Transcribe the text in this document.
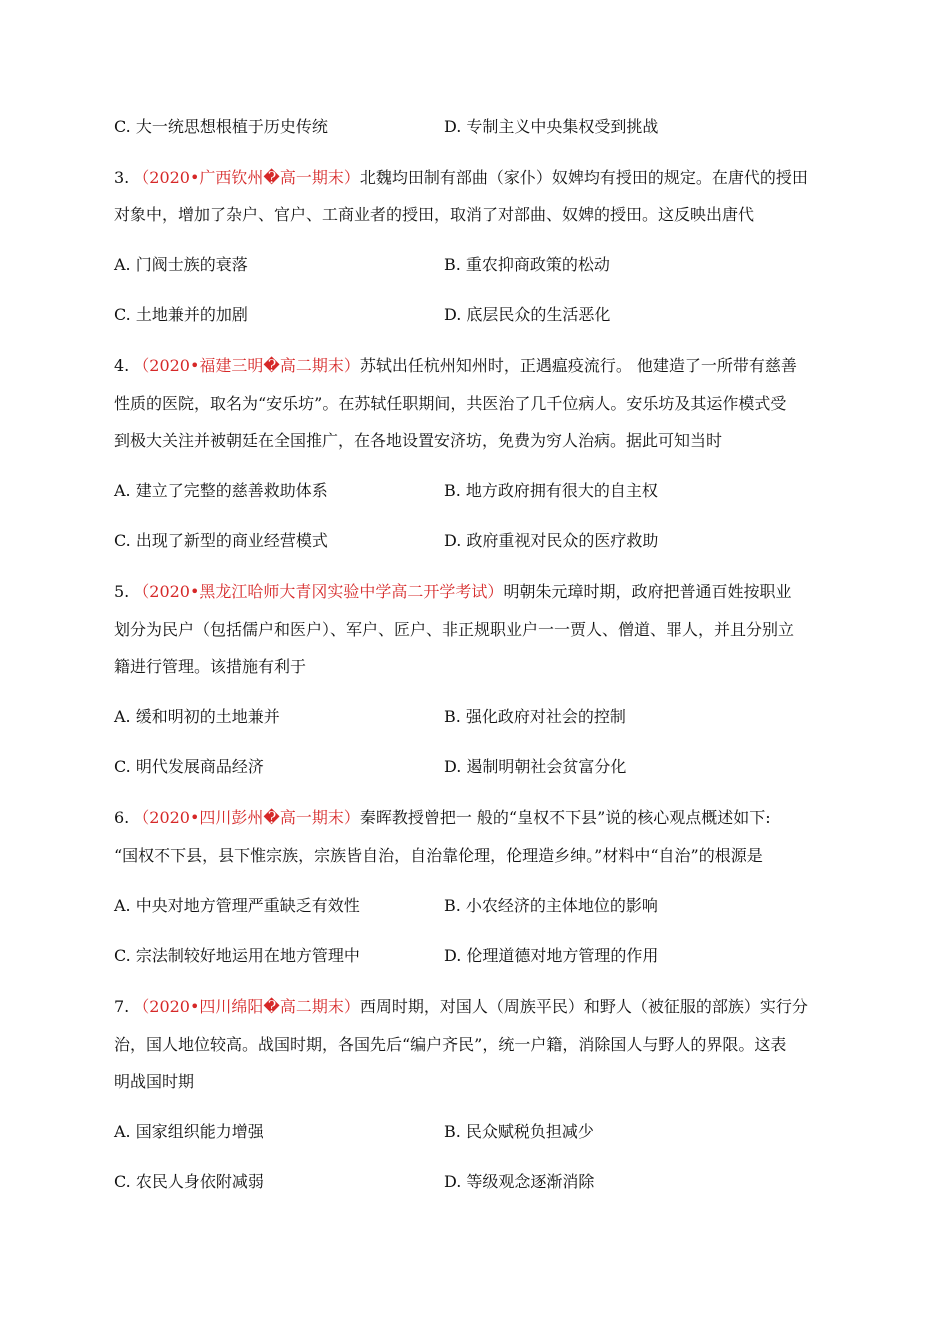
C. 大一统思想根植于历史传统	D. 专制主义中央集权受到挑战
3. （2020•广西钦州�高一期末）北魏均田制有部曲（家仆）奴婢均有授田的规定。在唐代的授田
对象中，增加了杂户、官户、工商业者的授田，取消了对部曲、奴婢的授田。这反映出唐代
A. 门阀士族的衰落	B. 重农抑商政策的松动
C. 土地兼并的加剧	D. 底层民众的生活恶化
4. （2020•福建三明�高二期末）苏轼出任杭州知州时，正遇瘟疫流行。 他建造了一所带有慈善
性质的医院，取名为“安乐坊”。在苏轼任职期间，共医治了几千位病人。安乐坊及其运作模式受
到极大关注并被朝廷在全国推广，在各地设置安济坊，免费为穷人治病。据此可知当时
A. 建立了完整的慈善救助体系	B. 地方政府拥有很大的自主权
C. 出现了新型的商业经营模式	D. 政府重视对民众的医疗救助
5. （2020•黑龙江哈师大青冈实验中学高二开学考试）明朝朱元璋时期，政府把普通百姓按职业
划分为民户（包括儒户和医户）、军户、匠户、非正规职业户一一贾人、僧道、罪人，并且分别立
籍进行管理。该措施有利于
A. 缓和明初的土地兼并	B. 强化政府对社会的控制
C. 明代发展商品经济	D. 遏制明朝社会贫富分化
6. （2020•四川彭州�高一期末）秦晖教授曾把一 般的“皇权不下县”说的核心观点概述如下:
“国权不下县，县下惟宗族，宗族皆自治，自治靠伦理，伦理造乡绅。”材料中“自治”的根源是
A. 中央对地方管理严重缺乏有效性	B. 小农经济的主体地位的影响
C. 宗法制较好地运用在地方管理中	D. 伦理道德对地方管理的作用
7. （2020•四川绵阳�高二期末）西周时期，对国人（周族平民）和野人（被征服的部族）实行分
治，国人地位较高。战国时期，各国先后“编户齐民”，统一户籍，消除国人与野人的界限。这表
明战国时期
A. 国家组织能力增强	B. 民众赋税负担减少
C. 农民人身依附减弱	D. 等级观念逐渐消除
